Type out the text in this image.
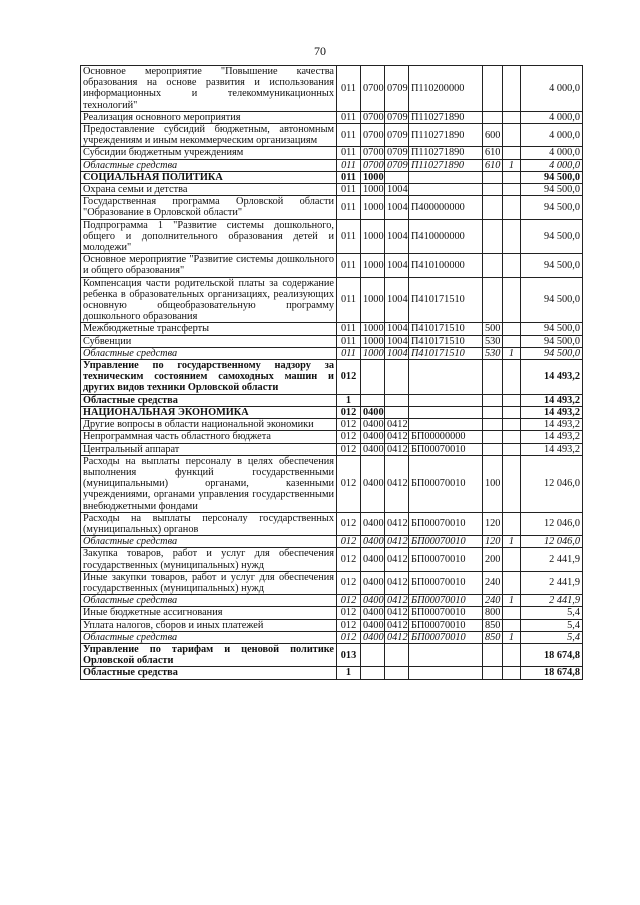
70
Основное мероприятие "Повышение качества образования на основе развития и использования информационных и телекоммуникационных технологий"	011	0700	0709	П110200000			4 000,0
Реализация основного мероприятия	011	0700	0709	П110271890			4 000,0
Предоставление субсидий бюджетным, автономным учреждениям и иным некоммерческим организациям	011	0700	0709	П110271890	600		4 000,0
Субсидии бюджетным учреждениям	011	0700	0709	П110271890	610		4 000,0
Областные средства	011	0700	0709	П110271890	610	1	4 000,0
СОЦИАЛЬНАЯ ПОЛИТИКА	011	1000					94 500,0
Охрана семьи и детства	011	1000	1004				94 500,0
Государственная программа Орловской области "Образование в Орловской области"	011	1000	1004	П400000000			94 500,0
Подпрограмма 1 "Развитие системы дошкольного, общего и дополнительного образования детей и молодежи"	011	1000	1004	П410000000			94 500,0
Основное мероприятие "Развитие системы дошкольного и общего образования"	011	1000	1004	П410100000			94 500,0
Компенсация части родительской платы за содержание ребенка в образовательных организациях, реализующих основную общеобразовательную программу дошкольного образования	011	1000	1004	П410171510			94 500,0
Межбюджетные трансферты	011	1000	1004	П410171510	500		94 500,0
Субвенции	011	1000	1004	П410171510	530		94 500,0
Областные средства	011	1000	1004	П410171510	530	1	94 500,0
Управление по государственному надзору за техническим состоянием самоходных машин и других видов техники Орловской области	012						14 493,2
Областные средства	1						14 493,2
НАЦИОНАЛЬНАЯ ЭКОНОМИКА	012	0400					14 493,2
Другие вопросы в области национальной экономики	012	0400	0412				14 493,2
Непрограммная часть областного бюджета	012	0400	0412	БП00000000			14 493,2
Центральный аппарат	012	0400	0412	БП00070010			14 493,2
Расходы на выплаты персоналу в целях обеспечения выполнения функций государственными (муниципальными) органами, казенными учреждениями, органами управления государственными внебюджетными фондами	012	0400	0412	БП00070010	100		12 046,0
Расходы на выплаты персоналу государственных (муниципальных) органов	012	0400	0412	БП00070010	120		12 046,0
Областные средства	012	0400	0412	БП00070010	120	1	12 046,0
Закупка товаров, работ и услуг для обеспечения государственных (муниципальных) нужд	012	0400	0412	БП00070010	200		2 441,9
Иные закупки товаров, работ и услуг для обеспечения государственных (муниципальных) нужд	012	0400	0412	БП00070010	240		2 441,9
Областные средства	012	0400	0412	БП00070010	240	1	2 441,9
Иные бюджетные ассигнования	012	0400	0412	БП00070010	800		5,4
Уплата налогов, сборов и иных платежей	012	0400	0412	БП00070010	850		5,4
Областные средства	012	0400	0412	БП00070010	850	1	5,4
Управление по тарифам и ценовой политике Орловской области	013						18 674,8
Областные средства	1						18 674,8
